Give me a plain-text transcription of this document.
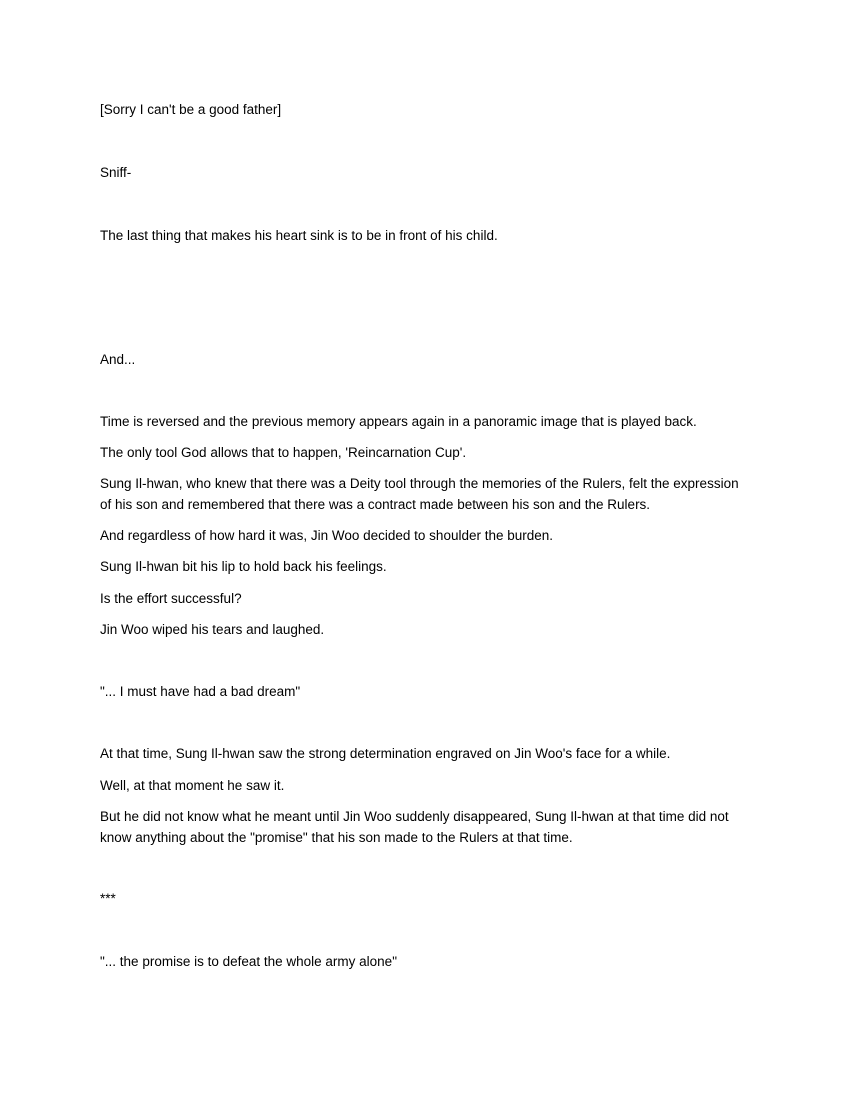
[Sorry I can't be a good father]

Sniff-

The last thing that makes his heart sink is to be in front of his child.

And...

Time is reversed and the previous memory appears again in a panoramic image that is played back.

The only tool God allows that to happen, 'Reincarnation Cup'.

Sung Il-hwan, who knew that there was a Deity tool through the memories of the Rulers, felt the expression of his son and remembered that there was a contract made between his son and the Rulers.

And regardless of how hard it was, Jin Woo decided to shoulder the burden.

Sung Il-hwan bit his lip to hold back his feelings.

Is the effort successful?

Jin Woo wiped his tears and laughed.

"... I must have had a bad dream"

At that time, Sung Il-hwan saw the strong determination engraved on Jin Woo's face for a while.

Well, at that moment he saw it.

But he did not know what he meant until Jin Woo suddenly disappeared, Sung Il-hwan at that time did not know anything about the "promise" that his son made to the Rulers at that time.

***

"... the promise is to defeat the whole army alone"
